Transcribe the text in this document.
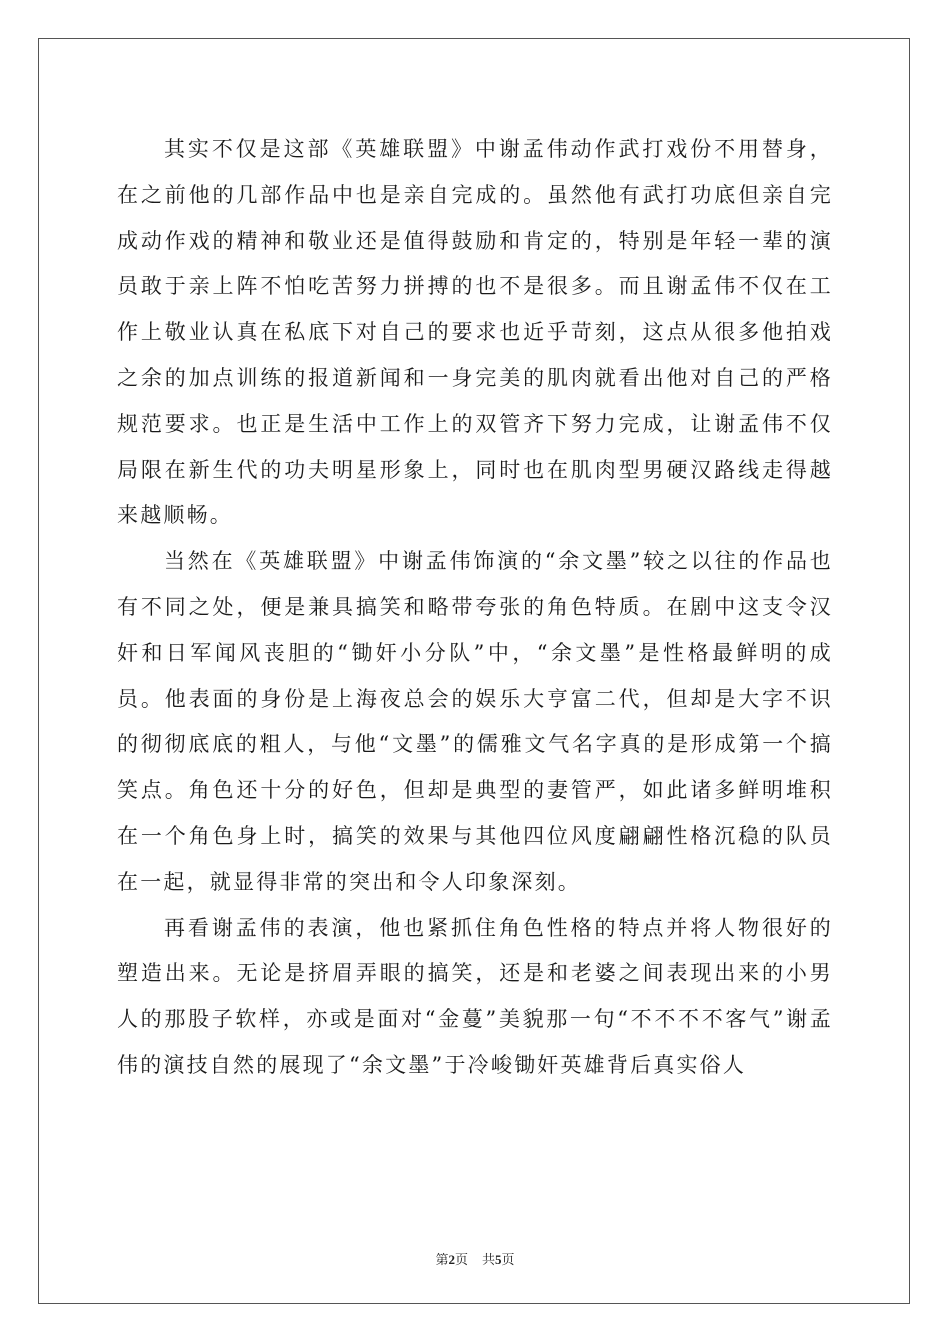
其实不仅是这部《英雄联盟》中谢孟伟动作武打戏份不用替身，在之前他的几部作品中也是亲自完成的。虽然他有武打功底但亲自完成动作戏的精神和敬业还是值得鼓励和肯定的，特别是年轻一辈的演员敢于亲上阵不怕吃苦努力拼搏的也不是很多。而且谢孟伟不仅在工作上敬业认真在私底下对自己的要求也近乎苛刻，这点从很多他拍戏之余的加点训练的报道新闻和一身完美的肌肉就看出他对自己的严格规范要求。也正是生活中工作上的双管齐下努力完成，让谢孟伟不仅局限在新生代的功夫明星形象上，同时也在肌肉型男硬汉路线走得越来越顺畅。

当然在《英雄联盟》中谢孟伟饰演的“余文墨”较之以往的作品也有不同之处，便是兼具搞笑和略带夸张的角色特质。在剧中这支令汉奸和日军闻风丧胆的“锄奸小分队”中，“余文墨”是性格最鲜明的成员。他表面的身份是上海夜总会的娱乐大亨富二代，但却是大字不识的彻彻底底的粗人，与他“文墨”的儒雅文气名字真的是形成第一个搞笑点。角色还十分的好色，但却是典型的妻管严，如此诸多鲜明堆积在一个角色身上时，搞笑的效果与其他四位风度翩翩性格沉稳的队员在一起，就显得非常的突出和令人印象深刻。

再看谢孟伟的表演，他也紧抓住角色性格的特点并将人物很好的塑造出来。无论是挤眉弄眼的搞笑，还是和老婆之间表现出来的小男人的那股子软样，亦或是面对“金蔓”美貌那一句“不不不不客气”谢孟伟的演技自然的展现了“余文墨”于冷峻锄奸英雄背后真实俗人

第2页 共5页
